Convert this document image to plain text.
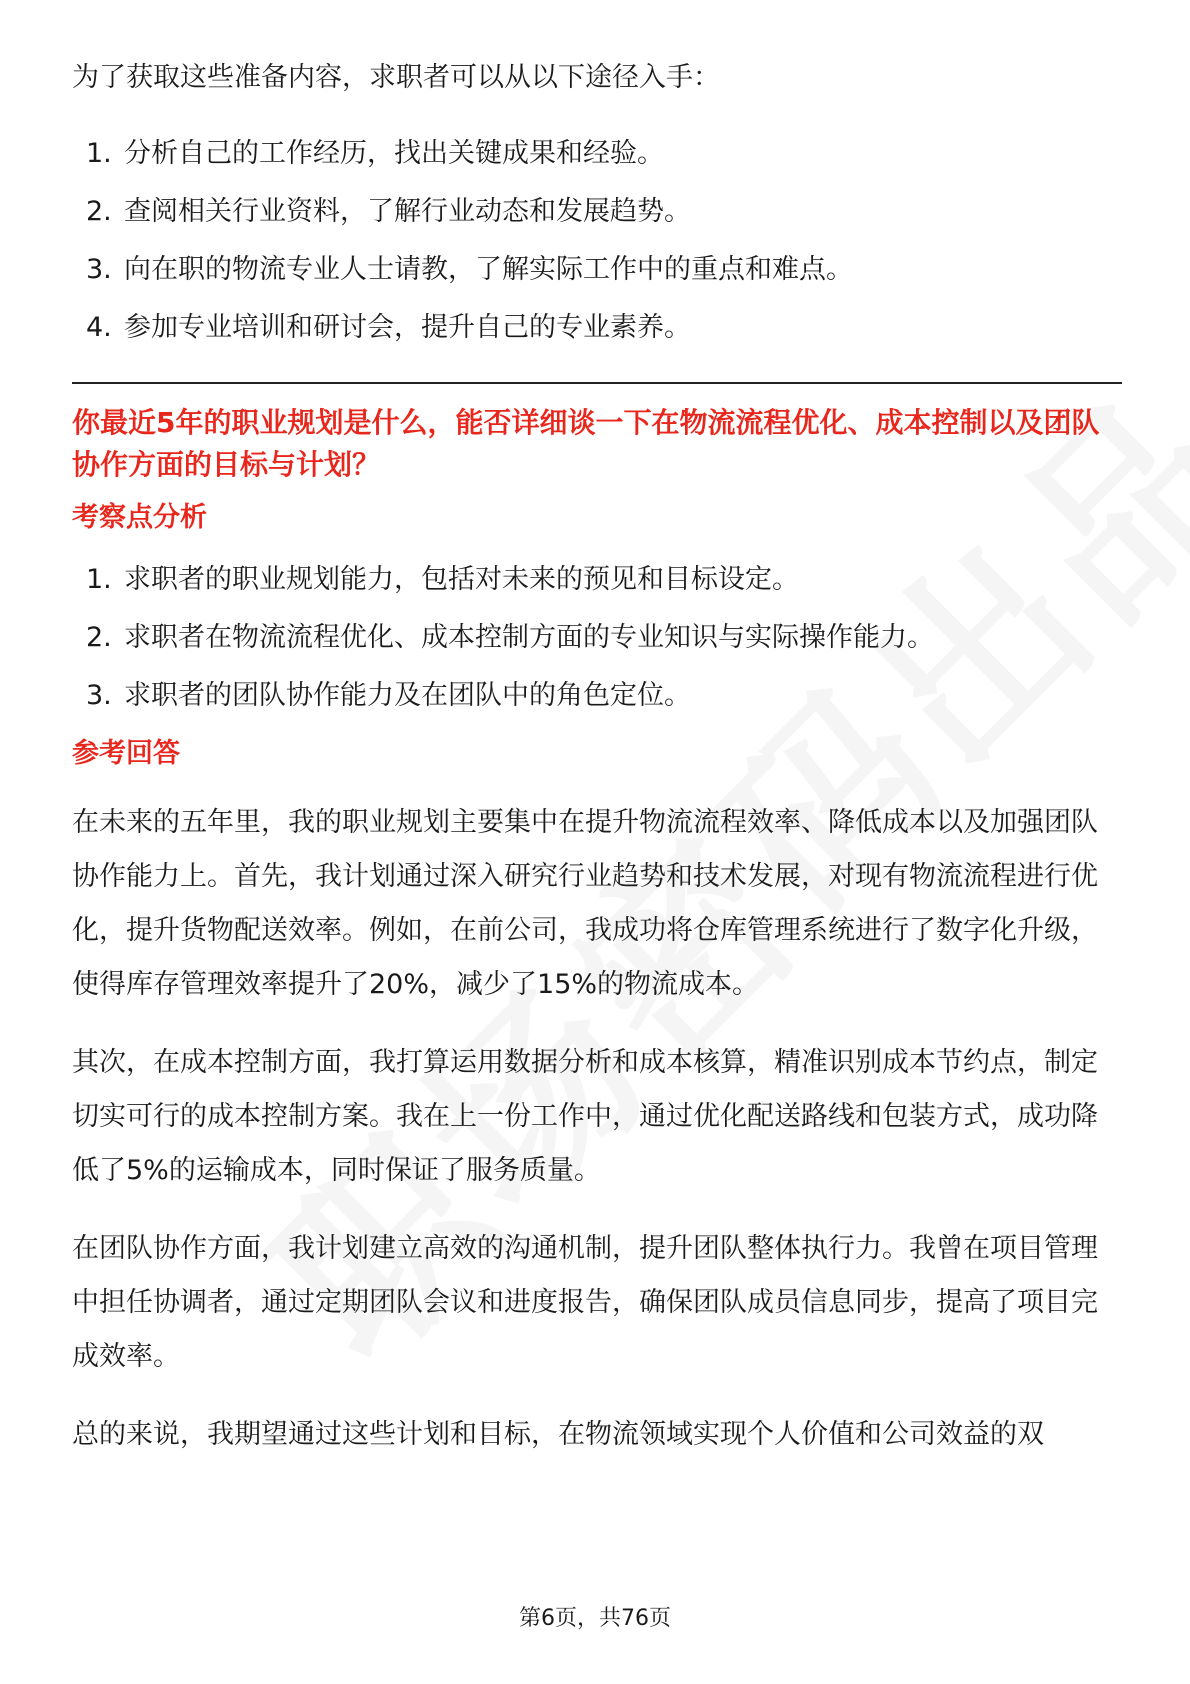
为了获取这些准备内容，求职者可以从以下途径入手：

1. 分析自己的工作经历，找出关键成果和经验。
2. 查阅相关行业资料，了解行业动态和发展趋势。
3. 向在职的物流专业人士请教，了解实际工作中的重点和难点。
4. 参加专业培训和研讨会，提升自己的专业素养。
你最近5年的职业规划是什么，能否详细谈一下在物流流程优化、成本控制以及团队协作方面的目标与计划？
考察点分析
1. 求职者的职业规划能力，包括对未来的预见和目标设定。
2. 求职者在物流流程优化、成本控制方面的专业知识与实际操作能力。
3. 求职者的团队协作能力及在团队中的角色定位。
参考回答

在未来的五年里，我的职业规划主要集中在提升物流流程效率、降低成本以及加强团队协作能力上。首先，我计划通过深入研究行业趋势和技术发展，对现有物流流程进行优化，提升货物配送效率。例如，在前公司，我成功将仓库管理系统进行了数字化升级，使得库存管理效率提升了20%，减少了15%的物流成本。

其次，在成本控制方面，我打算运用数据分析和成本核算，精准识别成本节约点，制定切实可行的成本控制方案。我在上一份工作中，通过优化配送路线和包装方式，成功降低了5%的运输成本，同时保证了服务质量。

在团队协作方面，我计划建立高效的沟通机制，提升团队整体执行力。我曾在项目管理中担任协调者，通过定期团队会议和进度报告，确保团队成员信息同步，提高了项目完成效率。

总的来说，我期望通过这些计划和目标，在物流领域实现个人价值和公司效益的双

第6页，共76页
